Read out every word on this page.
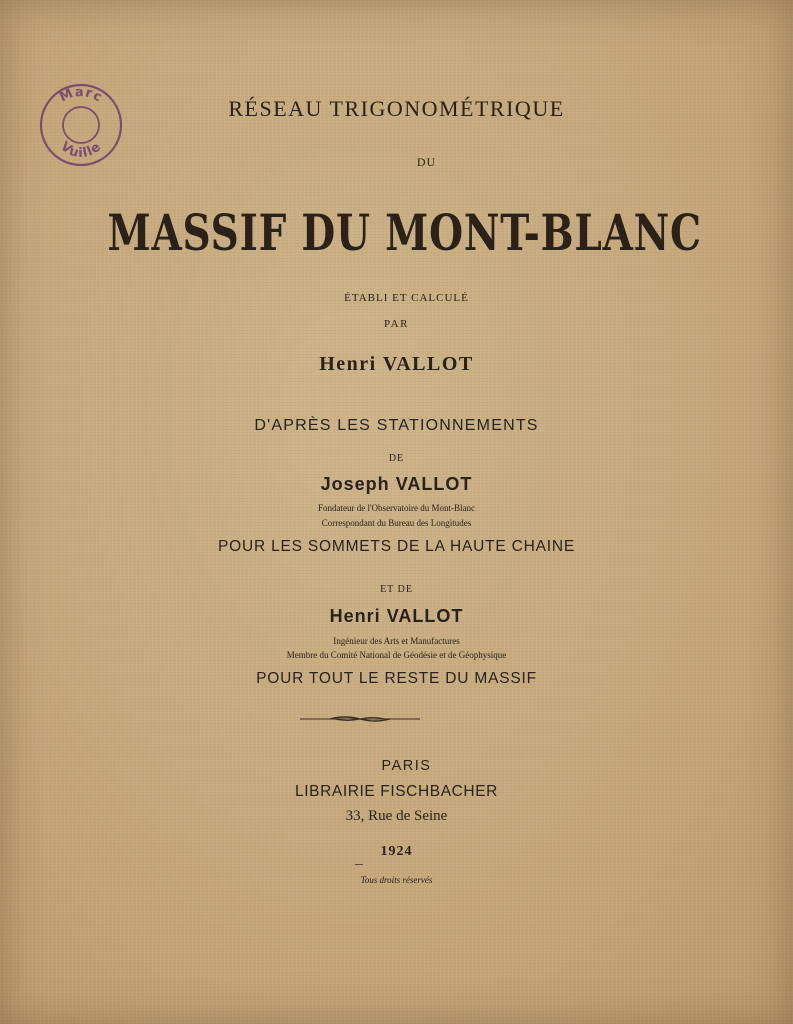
Marc
Vuille
RÉSEAU TRIGONOMÉTRIQUE
DU
MASSIF DU MONT-BLANC
ÉTABLI ET CALCULÉ
PAR
Henri VALLOT
D'APRÈS LES STATIONNEMENTS
DE
Joseph VALLOT
Fondateur de l'Observatoire du Mont-Blanc
Correspondant du Bureau des Longitudes
POUR LES SOMMETS DE LA HAUTE CHAINE
ET DE
Henri VALLOT
Ingénieur des Arts et Manufactures
Membre du Comité National de Géodésie et de Géophysique
POUR TOUT LE RESTE DU MASSIF
PARIS
LIBRAIRIE FISCHBACHER
33, Rue de Seine
1924
Tous droits réservés
